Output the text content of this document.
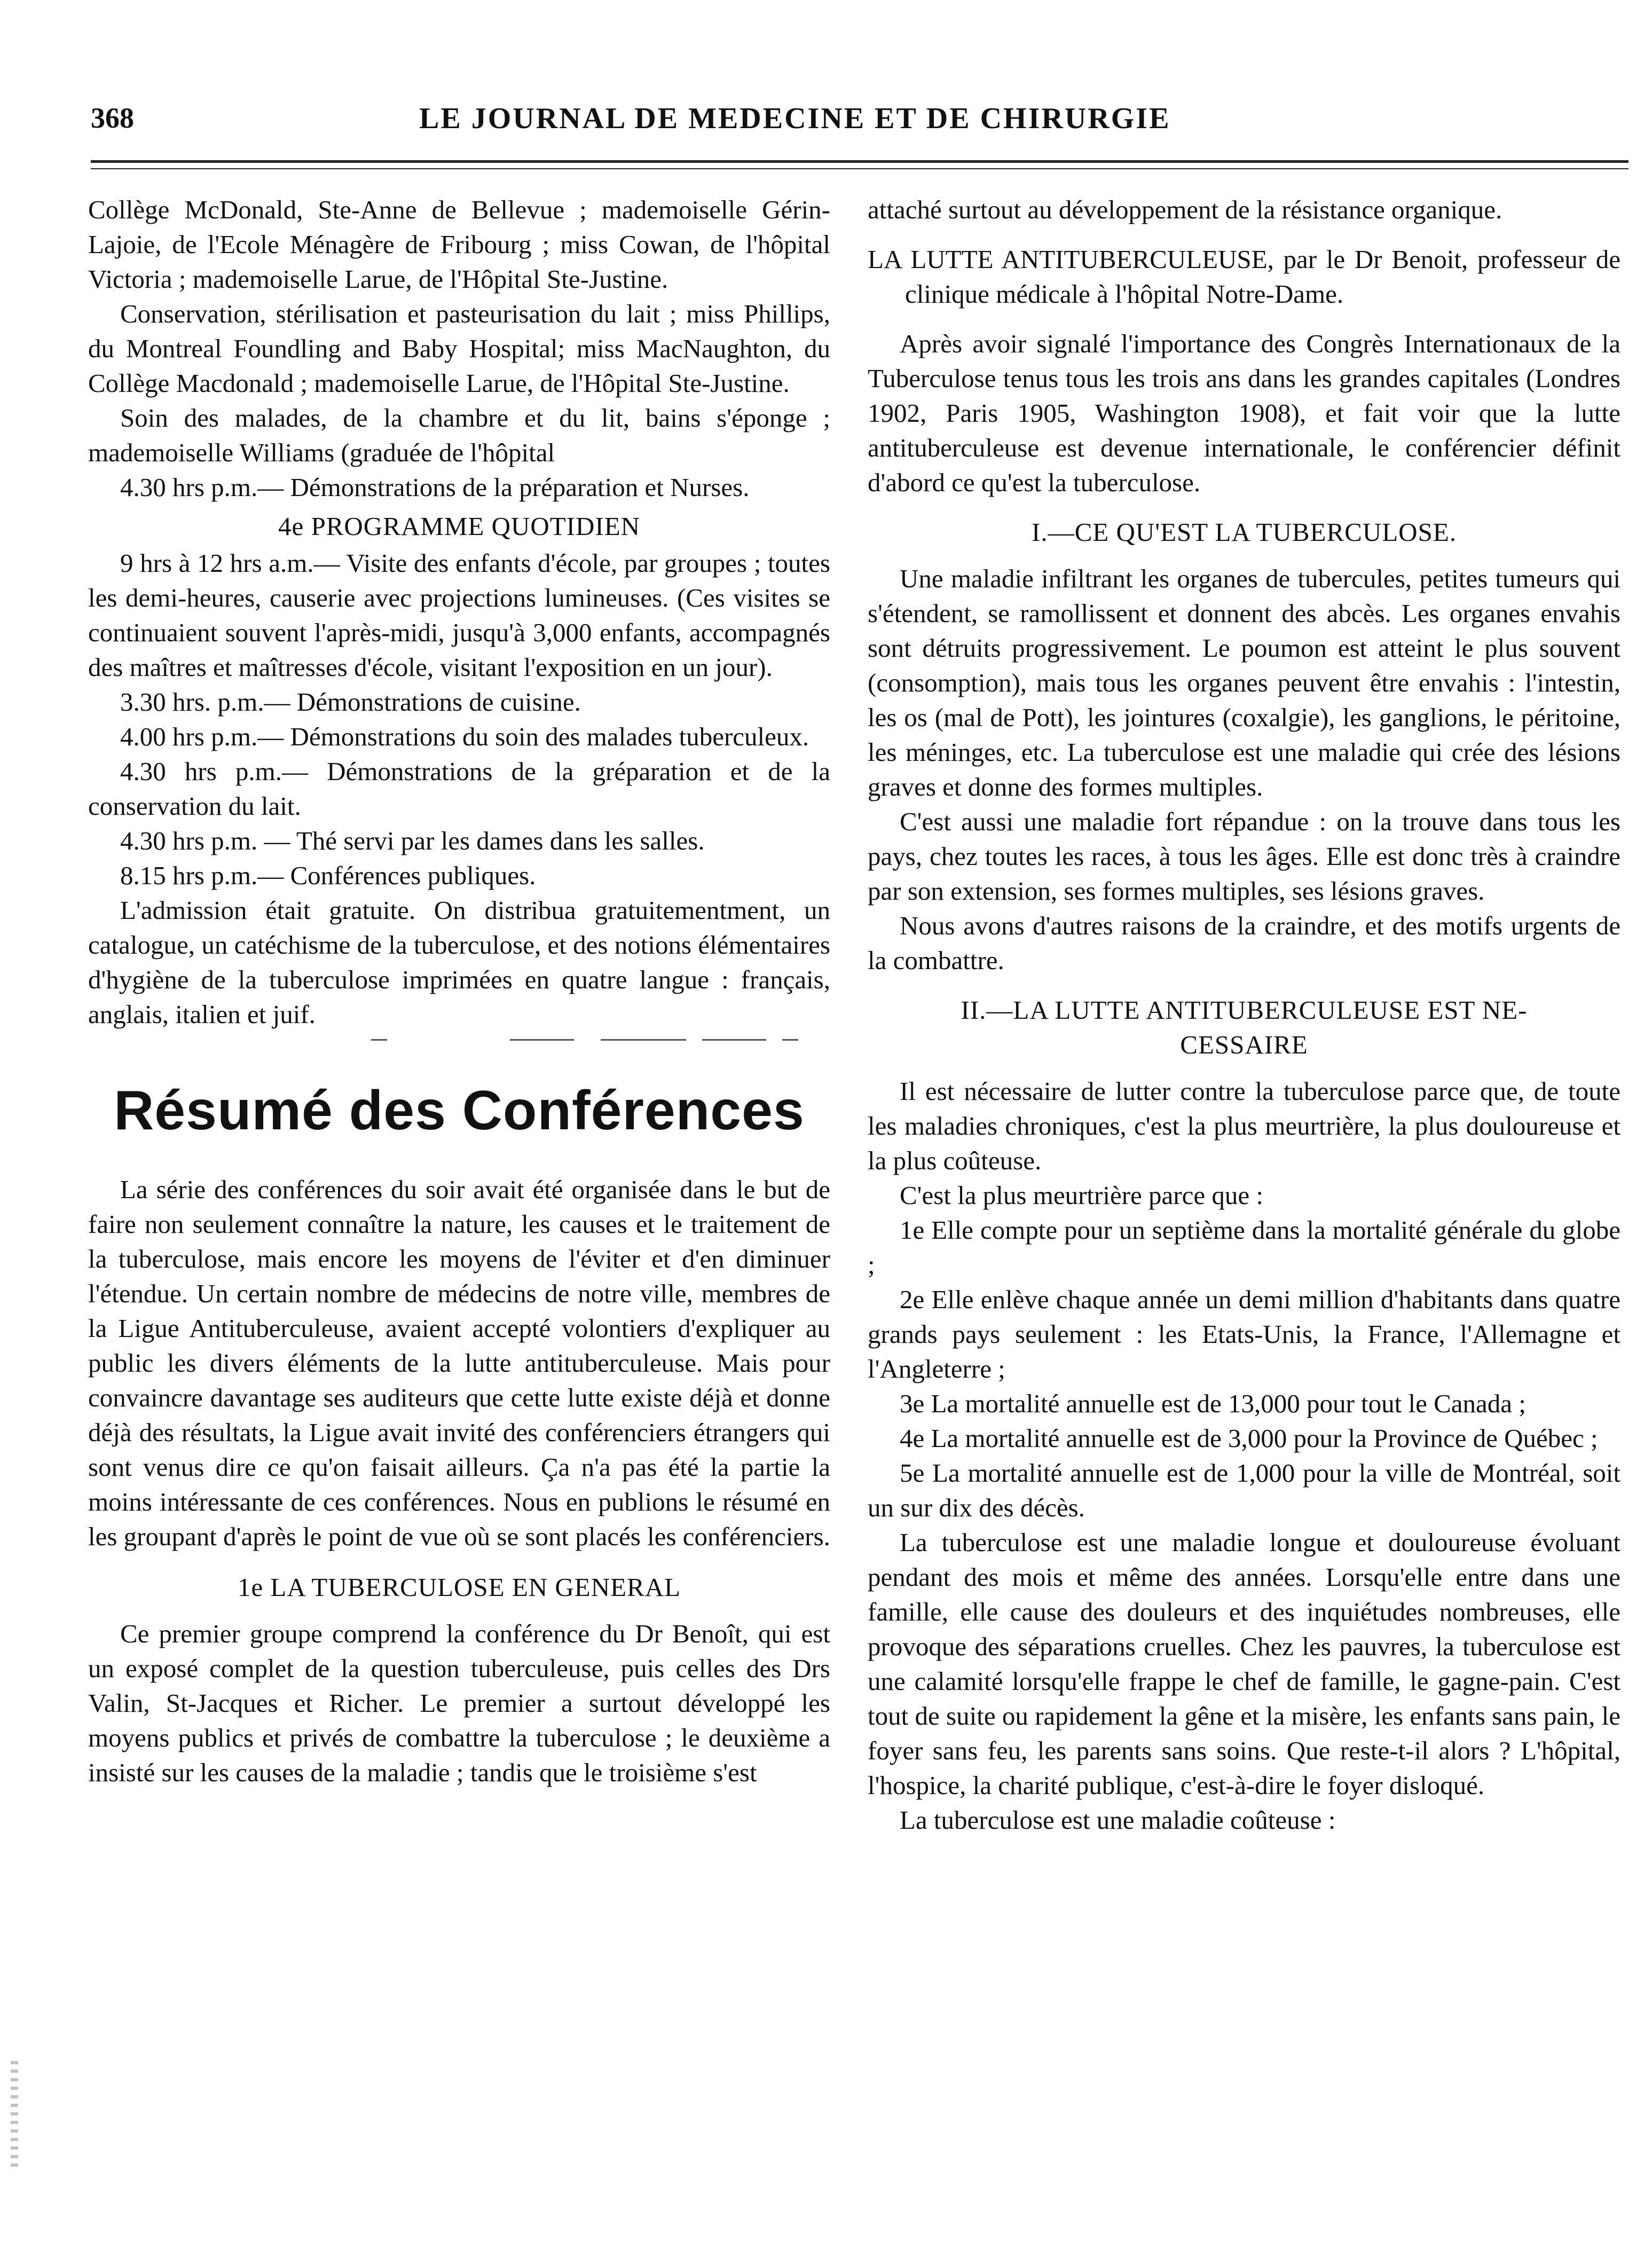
368	LE JOURNAL DE MEDECINE ET DE CHIRURGIE

Collège McDonald, Ste-Anne de Bellevue ; mademoiselle Gérin-Lajoie, de l'Ecole Ménagère de Fribourg ; miss Cowan, de l'hôpital Victoria ; mademoiselle Larue, de l'Hôpital Ste-Justine.

Conservation, stérilisation et pasteurisation du lait ; miss Phillips, du Montreal Foundling and Baby Hospital; miss MacNaughton, du Collège Macdonald ; mademoiselle Larue, de l'Hôpital Ste-Justine.

Soin des malades, de la chambre et du lit, bains s'éponge ; mademoiselle Williams (graduée de l'hôpital

4.30 hrs p.m.— Démonstrations de la préparation et Nurses.

4e PROGRAMME QUOTIDIEN

9 hrs à 12 hrs a.m.— Visite des enfants d'école, par groupes ; toutes les demi-heures, causerie avec projections lumineuses. (Ces visites se continuaient souvent l'après-midi, jusqu'à 3,000 enfants, accompagnés des maîtres et maîtresses d'école, visitant l'exposition en un jour).

3.30 hrs. p.m.— Démonstrations de cuisine.

4.00 hrs p.m.— Démonstrations du soin des malades tuberculeux.

4.30 hrs p.m.— Démonstrations de la gréparation et de la conservation du lait.

4.30 hrs p.m. — Thé servi par les dames dans les salles.

8.15 hrs p.m.— Conférences publiques.

L'admission était gratuite. On distribua gratuitementment, un catalogue, un catéchisme de la tuberculose, et des notions élémentaires d'hygiène de la tuberculose imprimées en quatre langue : français, anglais, italien et juif.

Résumé des Conférences

La série des conférences du soir avait été organisée dans le but de faire non seulement connaître la nature, les causes et le traitement de la tuberculose, mais encore les moyens de l'éviter et d'en diminuer l'étendue. Un certain nombre de médecins de notre ville, membres de la Ligue Antituberculeuse, avaient accepté volontiers d'expliquer au public les divers éléments de la lutte antituberculeuse. Mais pour convaincre davantage ses auditeurs que cette lutte existe déjà et donne déjà des résultats, la Ligue avait invité des conférenciers étrangers qui sont venus dire ce qu'on faisait ailleurs. Ça n'a pas été la partie la moins intéressante de ces conférences. Nous en publions le résumé en les groupant d'après le point de vue où se sont placés les conférenciers.

1e LA TUBERCULOSE EN GENERAL

Ce premier groupe comprend la conférence du Dr Benoît, qui est un exposé complet de la question tuberculeuse, puis celles des Drs Valin, St-Jacques et Richer. Le premier a surtout développé les moyens publics et privés de combattre la tuberculose ; le deuxième a insisté sur les causes de la maladie ; tandis que le troisième s'est

attaché surtout au développement de la résistance organique.

LA LUTTE ANTITUBERCULEUSE, par le Dr Benoit, professeur de clinique médicale à l'hôpital Notre-Dame.

Après avoir signalé l'importance des Congrès Internationaux de la Tuberculose tenus tous les trois ans dans les grandes capitales (Londres 1902, Paris 1905, Washington 1908), et fait voir que la lutte antituberculeuse est devenue internationale, le conférencier définit d'abord ce qu'est la tuberculose.

I.—CE QU'EST LA TUBERCULOSE.

Une maladie infiltrant les organes de tubercules, petites tumeurs qui s'étendent, se ramollissent et donnent des abcès. Les organes envahis sont détruits progressivement. Le poumon est atteint le plus souvent (consomption), mais tous les organes peuvent être envahis : l'intestin, les os (mal de Pott), les jointures (coxalgie), les ganglions, le péritoine, les méninges, etc. La tuberculose est une maladie qui crée des lésions graves et donne des formes multiples.

C'est aussi une maladie fort répandue : on la trouve dans tous les pays, chez toutes les races, à tous les âges. Elle est donc très à craindre par son extension, ses formes multiples, ses lésions graves.

Nous avons d'autres raisons de la craindre, et des motifs urgents de la combattre.

II.—LA LUTTE ANTITUBERCULEUSE EST NE-

CESSAIRE

Il est nécessaire de lutter contre la tuberculose parce que, de toute les maladies chroniques, c'est la plus meurtrière, la plus douloureuse et la plus coûteuse.

C'est la plus meurtrière parce que :

1e Elle compte pour un septième dans la mortalité générale du globe ;

2e Elle enlève chaque année un demi million d'habitants dans quatre grands pays seulement : les Etats-Unis, la France, l'Allemagne et l'Angleterre ;

3e La mortalité annuelle est de 13,000 pour tout le Canada ;

4e La mortalité annuelle est de 3,000 pour la Province de Québec ;

5e La mortalité annuelle est de 1,000 pour la ville de Montréal, soit un sur dix des décès.

La tuberculose est une maladie longue et douloureuse évoluant pendant des mois et même des années. Lorsqu'elle entre dans une famille, elle cause des douleurs et des inquiétudes nombreuses, elle provoque des séparations cruelles. Chez les pauvres, la tuberculose est une calamité lorsqu'elle frappe le chef de famille, le gagne-pain. C'est tout de suite ou rapidement la gêne et la misère, les enfants sans pain, le foyer sans feu, les parents sans soins. Que reste-t-il alors ? L'hôpital, l'hospice, la charité publique, c'est-à-dire le foyer disloqué.

La tuberculose est une maladie coûteuse :
